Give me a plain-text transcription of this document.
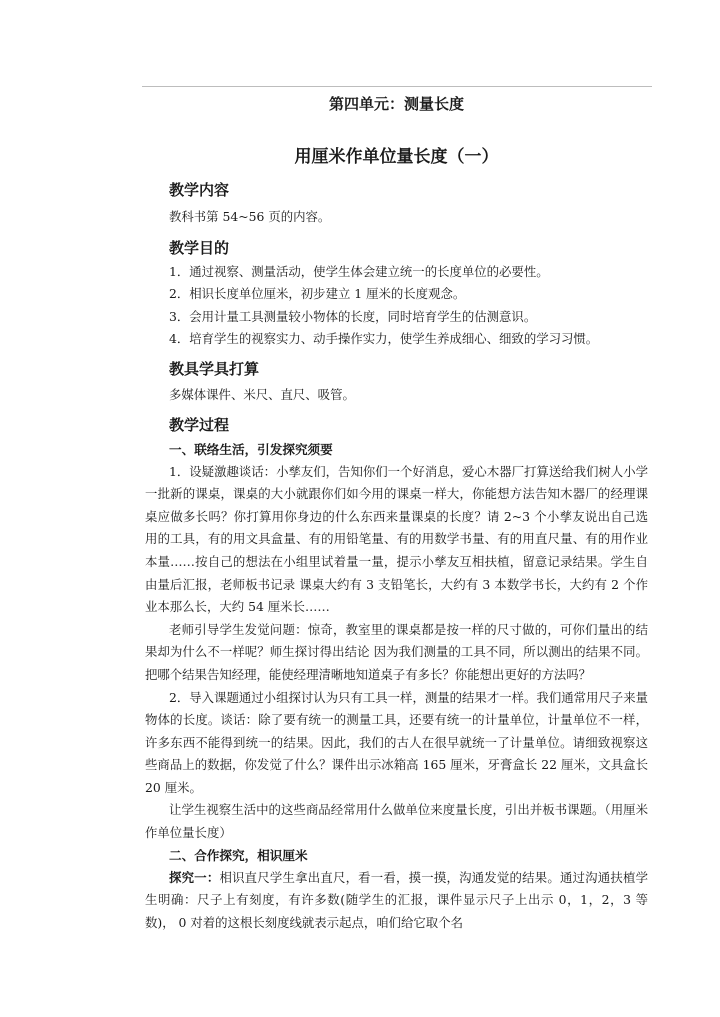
第四单元：测量长度
用厘米作单位量长度（一）
教学内容

教科书第 54~56 页的内容。

教学目的

1．通过视察、测量活动，使学生体会建立统一的长度单位的必要性。

2．相识长度单位厘米，初步建立 1 厘米的长度观念。

3．会用计量工具测量较小物体的长度，同时培育学生的估测意识。

4．培育学生的视察实力、动手操作实力，使学生养成细心、细致的学习习惯。

教具学具打算

多媒体课件、米尺、直尺、吸管。

教学过程
一、联络生活，引发探究须要

1．设疑激趣谈话：小孳友们，告知你们一个好消息，爱心木器厂打算送给我们树人小学一批新的课桌，课桌的大小就跟你们如今用的课桌一样大，你能想方法告知木器厂的经理课桌应做多长吗？你打算用你身边的什么东西来量课桌的长度？请 2~3 个小孳友说出自己选用的工具，有的用文具盒量、有的用铅笔量、有的用数学书量、有的用直尺量、有的用作业本量……按自己的想法在小组里试着量一量，提示小孳友互相扶植，留意记录结果。学生自由量后汇报，老师板书记录 课桌大约有 3 支铅笔长，大约有 3 本数学书长，大约有 2 个作业本那么长，大约 54 厘米长……

老师引导学生发觉问题：惊奇，教室里的课桌都是按一样的尺寸做的，可你们量出的结果却为什么不一样呢？师生探讨得出结论 因为我们测量的工具不同，所以测出的结果不同。把哪个结果告知经理，能使经理清晰地知道桌子有多长？你能想出更好的方法吗？

2．导入课题通过小组探讨认为只有工具一样，测量的结果才一样。我们通常用尺子来量物体的长度。谈话：除了要有统一的测量工具，还要有统一的计量单位，计量单位不一样，许多东西不能得到统一的结果。因此，我们的古人在很早就统一了计量单位。请细致视察这些商品上的数据，你发觉了什么？课件出示冰箱高 165 厘米，牙膏盒长 22 厘米，文具盒长 20 厘米。

让学生视察生活中的这些商品经常用什么做单位来度量长度，引出并板书课题。（用厘米作单位量长度）

二、合作探究，相识厘米

探究一：相识直尺学生拿出直尺，看一看，摸一摸，沟通发觉的结果。通过沟通扶植学生明确：尺子上有刻度，有许多数(随学生的汇报，课件显示尺子上出示 0，1，2，3 等数)， 0 对着的这根长刻度线就表示起点，咱们给它取个名
